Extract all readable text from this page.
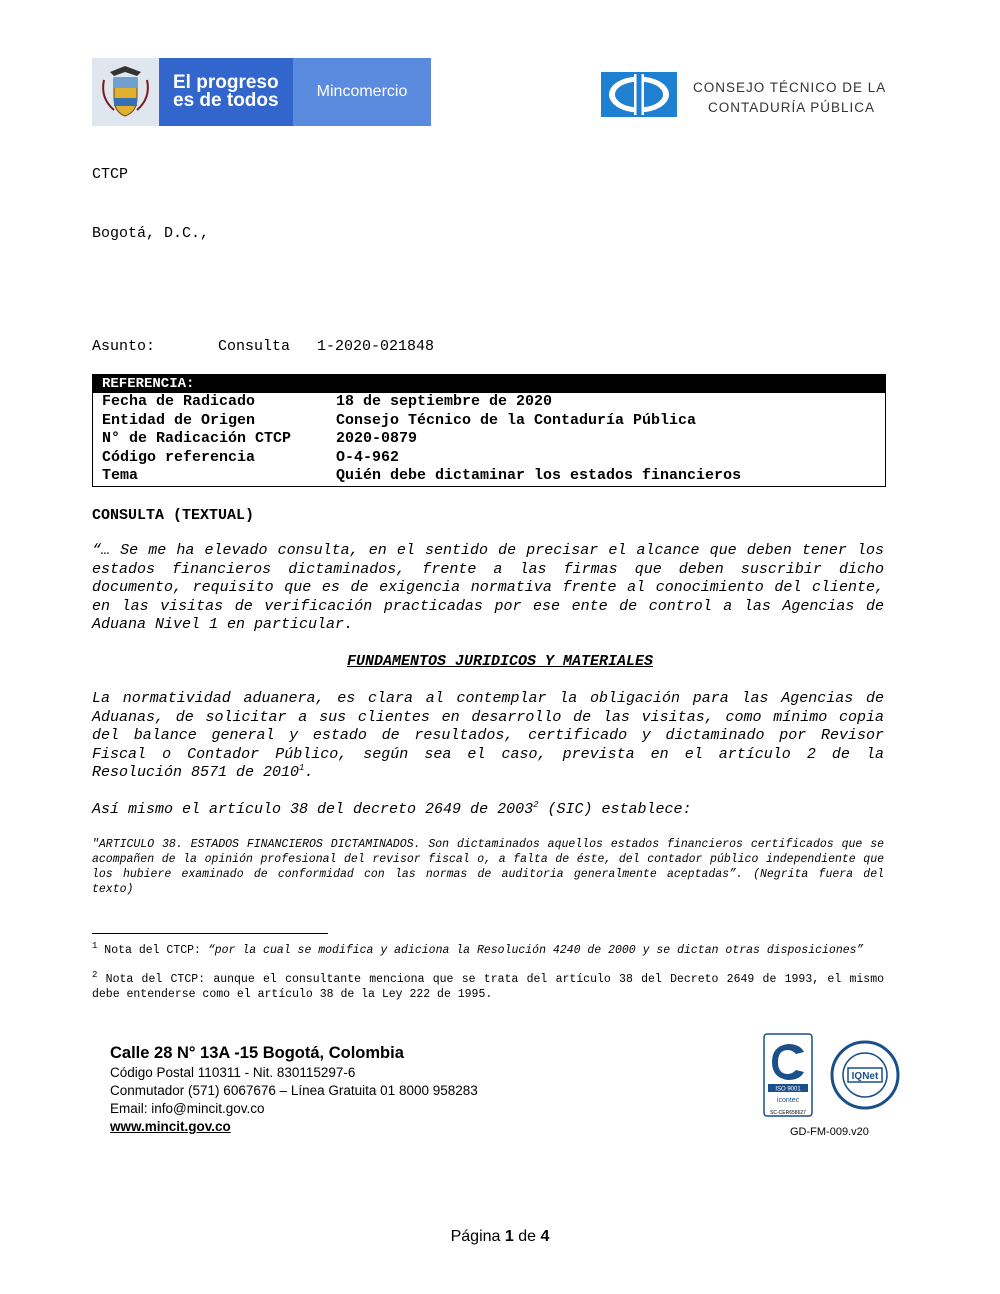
El progreso
es de todos	Mincomercio	CONSEJO TÉCNICO DE LA
CONTADURÍA PÚBLICA
CTCP
Bogotá, D.C.,
Asunto:	Consulta   1-2020-021848
REFERENCIA:
Fecha de Radicado	18 de septiembre de 2020
Entidad de Origen	Consejo Técnico de la Contaduría Pública
N° de Radicación CTCP	2020-0879
Código referencia	O-4-962
Tema	Quién debe dictaminar los estados financieros
CONSULTA (TEXTUAL)
“… Se me ha elevado consulta, en el sentido de precisar el alcance que deben tener los estados financieros dictaminados, frente a las firmas que deben suscribir dicho documento, requisito que es de exigencia normativa frente al conocimiento del cliente, en las visitas de verificación practicadas por ese ente de control a las Agencias de Aduana Nivel 1 en particular.
FUNDAMENTOS JURIDICOS Y MATERIALES
La normatividad aduanera, es clara al contemplar la obligación para las Agencias de Aduanas, de solicitar a sus clientes en desarrollo de las visitas, como mínimo copia del balance general y estado de resultados, certificado y dictaminado por Revisor Fiscal o Contador Público, según sea el caso, prevista en el artículo 2 de la Resolución 8571 de 2010$^1$.
Así mismo el artículo 38 del decreto 2649 de 2003$^2$ (SIC) establece:
"ARTICULO 38. ESTADOS FINANCIEROS DICTAMINADOS. Son dictaminados aquellos estados financieros certificados que se acompañen de la opinión profesional del revisor fiscal o, a falta de éste, del contador público independiente que los hubiere examinado de conformidad con las normas de auditoria generalmente aceptadas”. (Negrita fuera del texto)
$^1$ Nota del CTCP: “por la cual se modifica y adiciona la Resolución 4240 de 2000 y se dictan otras disposiciones”
$^2$ Nota del CTCP: aunque el consultante menciona que se trata del artículo 38 del Decreto 2649 de 1993, el mismo debe entenderse como el artículo 38 de la Ley 222 de 1995.
Calle 28 N° 13A -15 Bogotá, Colombia
Código Postal 110311 - Nit. 830115297-6
Conmutador (571) 6067676 – Línea Gratuita 01 8000 958283
Email: info@mincit.gov.co
www.mincit.gov.co
ISO 9001
icontec
SC-CER658627
IQNet
GD-FM-009.v20
Página 1 de 4
